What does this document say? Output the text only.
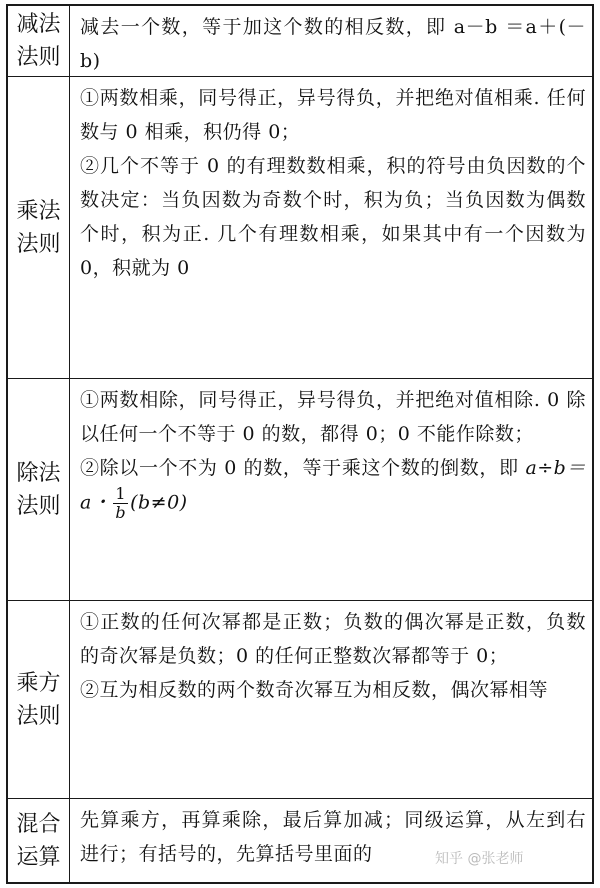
减法
法则

减去一个数，等于加这个数的相反数，即 a－b ＝a＋(－b)

乘法
法则

①两数相乘，同号得正，异号得负，并把绝对值相乘. 任何数与 0 相乘，积仍得 0；

②几个不等于 0 的有理数数相乘，积的符号由负因数的个数决定：当负因数为奇数个时，积为负；当负因数为偶数个时，积为正. 几个有理数相乘，如果其中有一个因数为 0，积就为 0

除法
法则

①两数相除，同号得正，异号得负，并把绝对值相除. 0 除以任何一个不等于 0 的数，都得 0；0 不能作除数；

②除以一个不为 0 的数，等于乘这个数的倒数，即 a÷b＝a・ $\frac{1}{b} (b\ne 0)$

乘方
法则

①正数的任何次幂都是正数；负数的偶次幂是正数，负数的奇次幂是负数；0 的任何正整数次幂都等于 0；

②互为相反数的两个数奇次幂互为相反数，偶次幂相等

混合
运算

先算乘方，再算乘除，最后算加减；同级运算，从左到右进行；有括号的，先算括号里面的	知乎 @张老师
